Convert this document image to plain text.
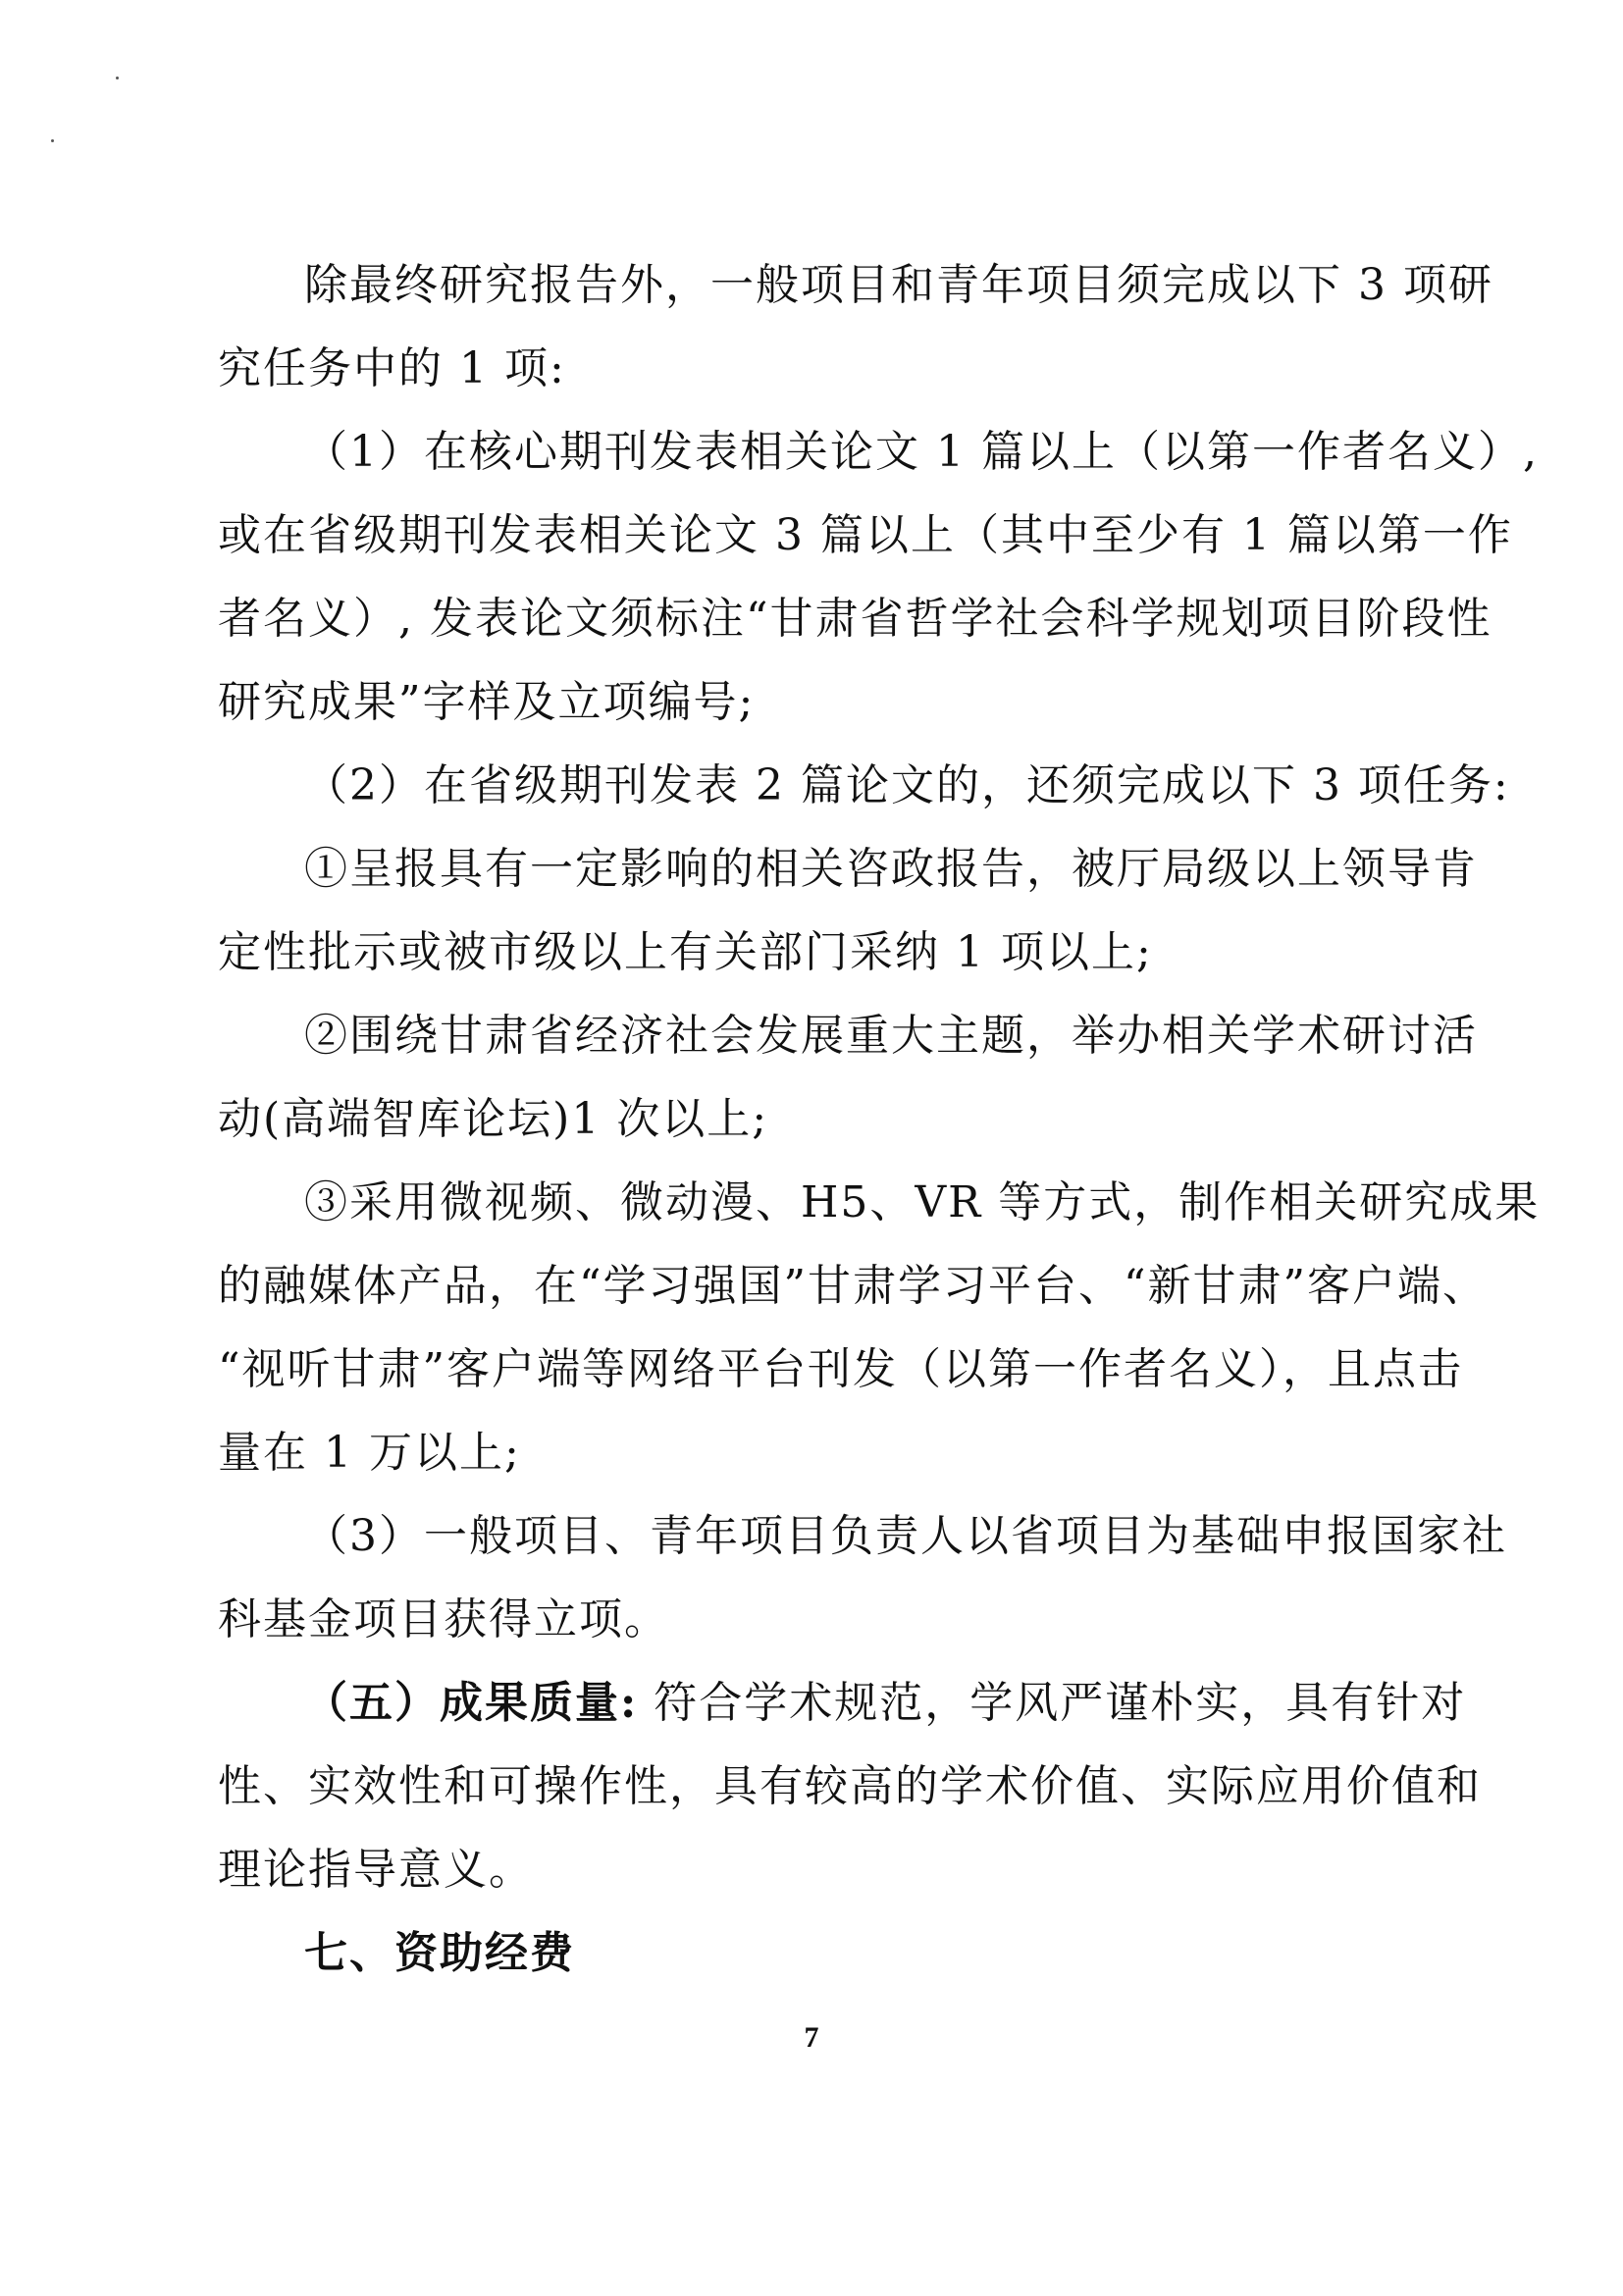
除最终研究报告外，一般项目和青年项目须完成以下 3 项研
究任务中的 1 项:
（1）在核心期刊发表相关论文 1 篇以上（以第一作者名义）,
或在省级期刊发表相关论文 3 篇以上（其中至少有 1 篇以第一作
者名义）, 发表论文须标注“甘肃省哲学社会科学规划项目阶段性
研究成果”字样及立项编号;
（2）在省级期刊发表 2 篇论文的，还须完成以下 3 项任务:
①呈报具有一定影响的相关咨政报告，被厅局级以上领导肯
定性批示或被市级以上有关部门采纳 1 项以上;
②围绕甘肃省经济社会发展重大主题，举办相关学术研讨活
动(高端智库论坛)1 次以上;
③采用微视频、微动漫、H5、VR 等方式，制作相关研究成果
的融媒体产品，在“学习强国”甘肃学习平台、“新甘肃”客户端、
“视听甘肃”客户端等网络平台刊发（以第一作者名义），且点击
量在 1 万以上;
（3）一般项目、青年项目负责人以省项目为基础申报国家社
科基金项目获得立项。
（五）成果质量: 符合学术规范，学风严谨朴实，具有针对
性、实效性和可操作性，具有较高的学术价值、实际应用价值和
理论指导意义。
七、资助经费
7
